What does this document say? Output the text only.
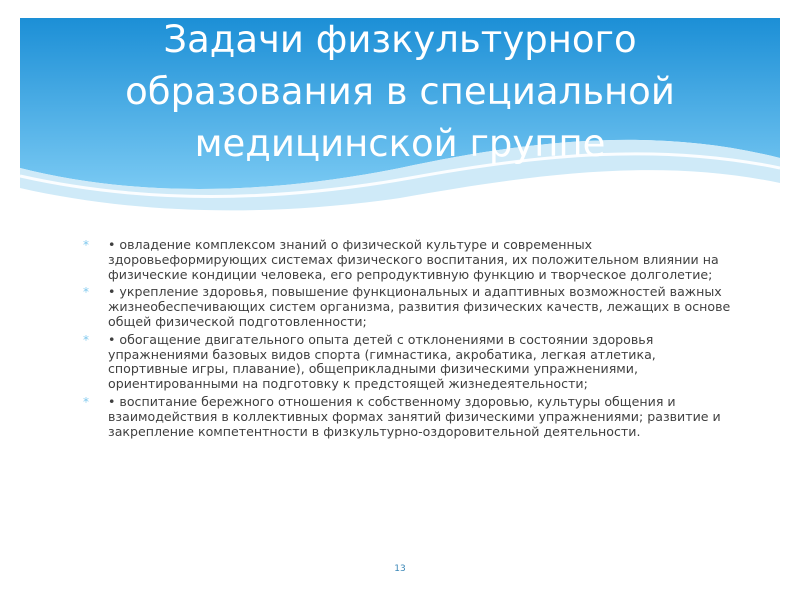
Задачи физкультурного
образования в специальной
медицинской группе
* • овладение комплексом знаний о физической культуре и современных здоровьеформирующих системах физического воспитания, их положительном влиянии на физические кондиции человека, его репродуктивную функцию и творческое долголетие;
* • укрепление здоровья, повышение функциональных и адаптивных возможностей важных жизнеобеспечивающих систем организма, развития физических качеств, лежащих в основе общей физической подготовленности;
* • обогащение двигательного опыта детей с отклонениями в состоянии здоровья упражнениями базовых видов спорта (гимнастика, акробатика, легкая атлетика, спортивные игры, плавание), общеприкладными физическими упражнениями, ориентированными на подготовку к предстоящей жизнедеятельности;
* • воспитание бережного отношения к собственному здоровью, культуры общения и взаимодействия в коллективных формах занятий физическими упражнениями; развитие и закрепление компетентности в физкультурно-оздоровительной деятельности.
13
